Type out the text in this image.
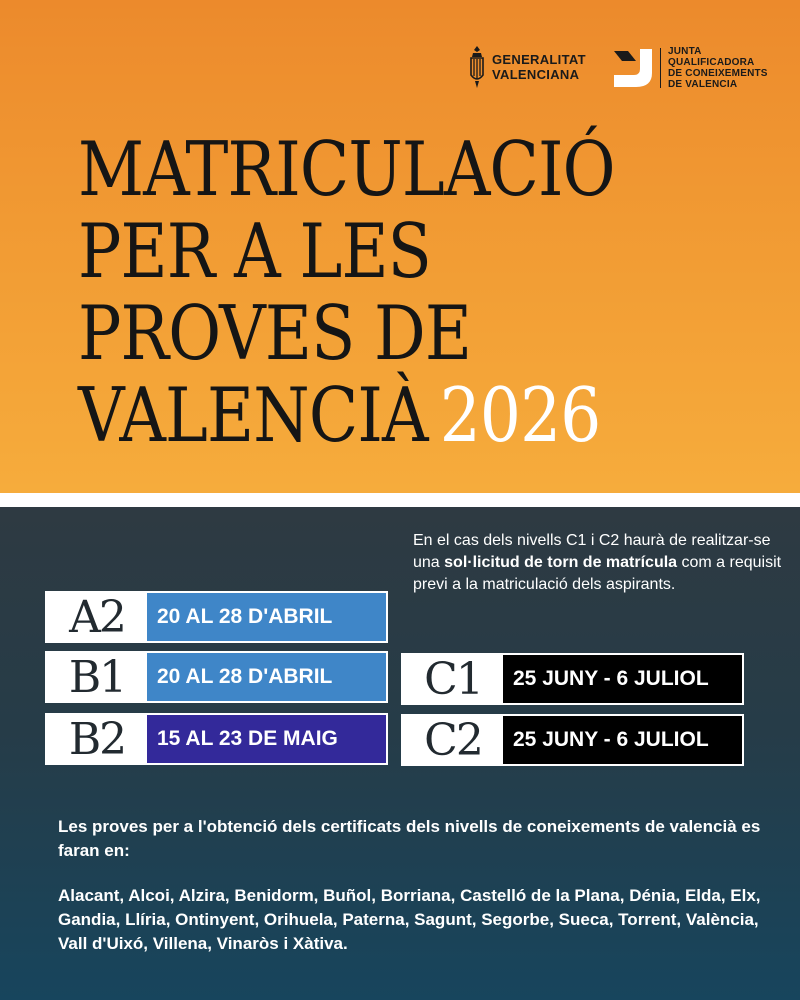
GENERALITAT
VALENCIANA
JUNTA
QUALIFICADORA
DE CONEIXEMENTS
DE VALENCIA
MATRICULACIÓ
PER A LES
PROVES DE
VALENCIÀ 2026

En el cas dels nivells C1 i C2 haurà de realitzar-se una sol·licitud de torn de matrícula com a requisit previ a la matriculació dels aspirants.

A2	20 AL 28 D'ABRIL
B1	20 AL 28 D'ABRIL
B2	15 AL 23 DE MAIG
C1	25 JUNY - 6 JULIOL
C2	25 JUNY - 6 JULIOL

Les proves per a l'obtenció dels certificats dels nivells de coneixements de valencià es faran en:

Alacant, Alcoi, Alzira, Benidorm, Buñol, Borriana, Castelló de la Plana, Dénia, Elda, Elx, Gandia, Llíria, Ontinyent, Orihuela, Paterna, Sagunt, Segorbe, Sueca, Torrent, València, Vall d'Uixó, Villena, Vinaròs i Xàtiva.
